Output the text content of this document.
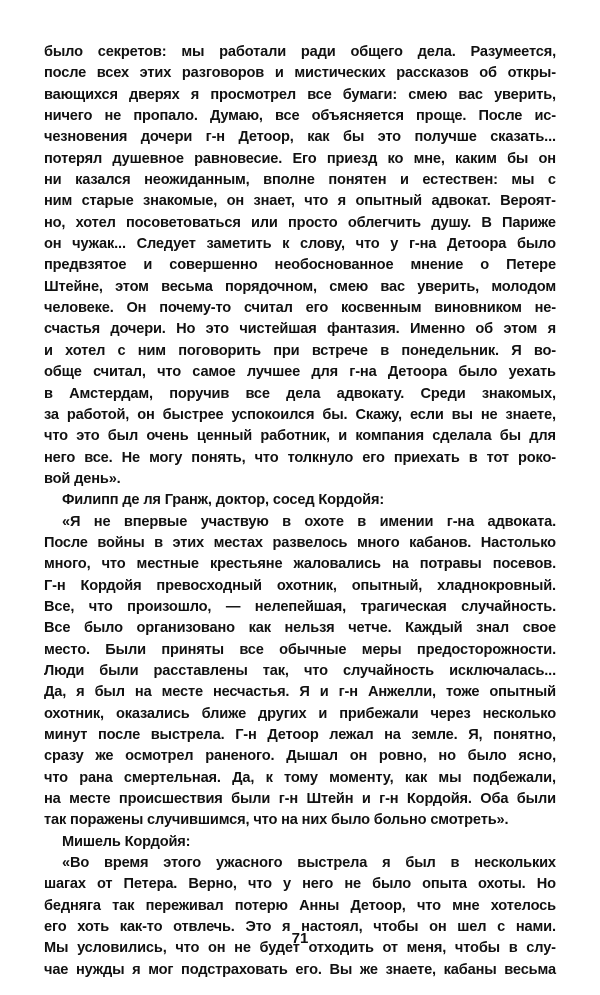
было секретов: мы работали ради общего дела. Разумеется,
после всех этих разговоров и мистических рассказов об откры-
вающихся дверях я просмотрел все бумаги: смею вас уверить,
ничего не пропало. Думаю, все объясняется проще. После ис-
чезновения дочери г-н Детоор, как бы это получше сказать...
потерял душевное равновесие. Его приезд ко мне, каким бы он
ни казался неожиданным, вполне понятен и естествен: мы с
ним старые знакомые, он знает, что я опытный адвокат. Вероят-
но, хотел посоветоваться или просто облегчить душу. В Париже
он чужак... Следует заметить к слову, что у г-на Детоора было
предвзятое и совершенно необоснованное мнение о Петере
Штейне, этом весьма порядочном, смею вас уверить, молодом
человеке. Он почему-то считал его косвенным виновником не-
счастья дочери. Но это чистейшая фантазия. Именно об этом я
и хотел с ним поговорить при встрече в понедельник. Я во-
обще считал, что самое лучшее для г-на Детоора было уехать
в Амстердам, поручив все дела адвокату. Среди знакомых,
за работой, он быстрее успокоился бы. Скажу, если вы не знаете,
что это был очень ценный работник, и компания сделала бы для
него все. Не могу понять, что толкнуло его приехать в тот роко-
вой день».
Филипп де ля Гранж, доктор, сосед Кордойя:
«Я не впервые участвую в охоте в имении г-на адвоката.
После войны в этих местах развелось много кабанов. Настолько
много, что местные крестьяне жаловались на потравы посевов.
Г-н Кордойя превосходный охотник, опытный, хладнокровный.
Все, что произошло, — нелепейшая, трагическая случайность.
Все было организовано как нельзя четче. Каждый знал свое
место. Были приняты все обычные меры предосторожности.
Люди были расставлены так, что случайность исключалась...
Да, я был на месте несчастья. Я и г-н Анжелли, тоже опытный
охотник, оказались ближе других и прибежали через несколько
минут после выстрела. Г-н Детоор лежал на земле. Я, понятно,
сразу же осмотрел раненого. Дышал он ровно, но было ясно,
что рана смертельная. Да, к тому моменту, как мы подбежали,
на месте происшествия были г-н Штейн и г-н Кордойя. Оба были
так поражены случившимся, что на них было больно смотреть».
Мишель Кордойя:
«Во время этого ужасного выстрела я был в нескольких
шагах от Петера. Верно, что у него не было опыта охоты. Но
бедняга так переживал потерю Анны Детоор, что мне хотелось
его хоть как-то отвлечь. Это я настоял, чтобы он шел с нами.
Мы условились, что он не будет отходить от меня, чтобы в слу-
чае нужды я мог подстраховать его. Вы же знаете, кабаны весьма
71
